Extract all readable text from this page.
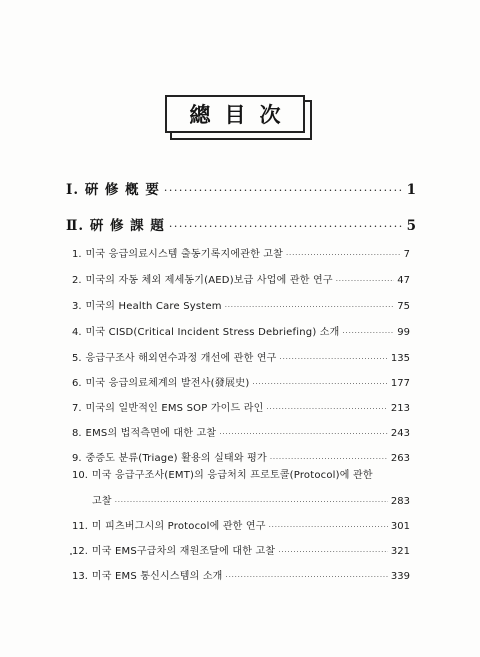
總目次
Ⅰ. 硏 修 槪 要 ·····	1
Ⅱ. 硏 修 課 題 ·····	5
1. 미국 응급의료시스템 출동기록지에관한 고찰 ·····	7
2. 미국의 자동 체외 제세동기(AED)보급 사업에 관한 연구 ·····	47
3. 미국의 Health Care System ·····	75
4. 미국 CISD(Critical Incident Stress Debriefing) 소개 ·····	99
5. 응급구조사 해외연수과정 개선에 관한 연구 ·····	135
6. 미국 응급의료체계의 발전사(發展史) ·····	177
7. 미국의 일반적인 EMS SOP 가이드 라인 ·····	213
8. EMS의 법적측면에 대한 고찰 ·····	243
9. 중증도 분류(Triage) 활용의 실태와 평가 ·····	263
10. 미국 응급구조사(EMT)의 응급처치 프로토콜(Protocol)에 관한
고찰 ·····	283
11. 미 피츠버그시의 Protocol에 관한 연구 ·····	301
12. 미국 EMS구급차의 재원조달에 대한 고찰 ·····	321
13. 미국 EMS 통신시스템의 소개 ·····	339
